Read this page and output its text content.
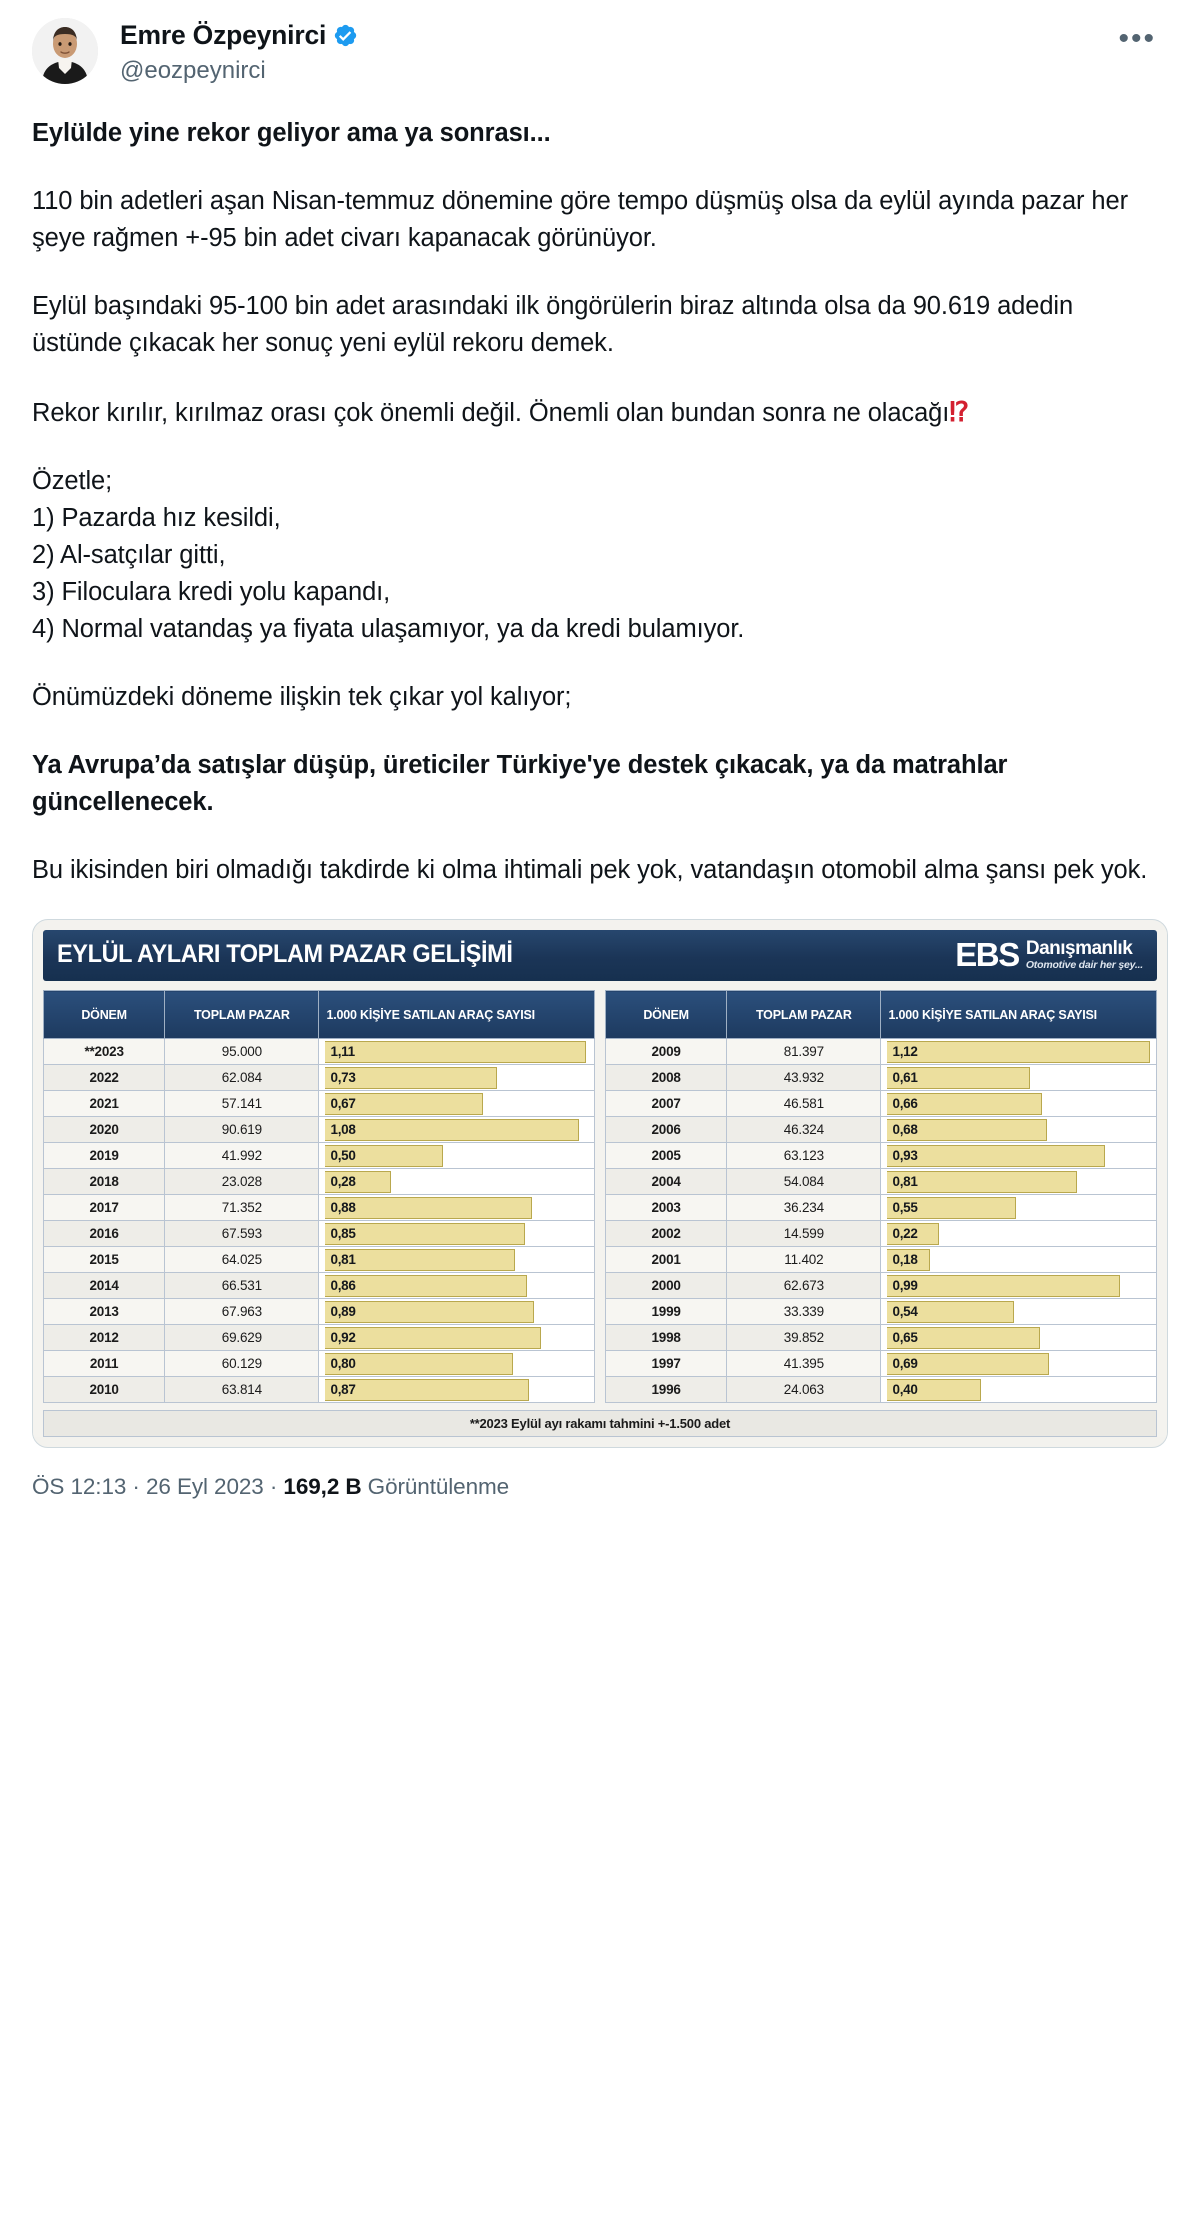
Emre Özpeynirci
@eozpeynirci
•••

Eylülde yine rekor geliyor ama ya sonrası...

110 bin adetleri aşan Nisan-temmuz dönemine göre tempo düşmüş olsa da eylül ayında pazar her şeye rağmen +-95 bin adet civarı kapanacak görünüyor.

Eylül başındaki 95-100 bin adet arasındaki ilk öngörülerin biraz altında olsa da 90.619 adedin üstünde çıkacak her sonuç yeni eylül rekoru demek.

Rekor kırılır, kırılmaz orası çok önemli değil. Önemli olan bundan sonra ne olacağı⁉

Özetle;
1) Pazarda hız kesildi,
2) Al-satçılar gitti,
3) Filoculara kredi yolu kapandı,
4) Normal vatandaş ya fiyata ulaşamıyor, ya da kredi bulamıyor.

Önümüzdeki döneme ilişkin tek çıkar yol kalıyor;

Ya Avrupa’da satışlar düşüp, üreticiler Türkiye'ye destek çıkacak, ya da matrahlar güncellenecek.

Bu ikisinden biri olmadığı takdirde ki olma ihtimali pek yok, vatandaşın otomobil alma şansı pek yok.

EYLÜL AYLARI TOPLAM PAZAR GELİŞİMİ	EBS Danışmanlık
Otomotive dair her şey...
DÖNEM	TOPLAM PAZAR	1.000 KİŞİYE SATILAN ARAÇ SAYISI
**2023	95.000	1,11

2022	62.084	0,73

2021	57.141	0,67

2020	90.619	1,08

2019	41.992	0,50

2018	23.028	0,28

2017	71.352	0,88

2016	67.593	0,85

2015	64.025	0,81

2014	66.531	0,86

2013	67.963	0,89

2012	69.629	0,92

2011	60.129	0,80

2010	63.814	0,87
DÖNEM	TOPLAM PAZAR	1.000 KİŞİYE SATILAN ARAÇ SAYISI
2009	81.397	1,12

2008	43.932	0,61

2007	46.581	0,66

2006	46.324	0,68

2005	63.123	0,93

2004	54.084	0,81

2003	36.234	0,55

2002	14.599	0,22

2001	11.402	0,18

2000	62.673	0,99

1999	33.339	0,54

1998	39.852	0,65

1997	41.395	0,69

1996	24.063	0,40
**2023 Eylül ayı rakamı tahmini +-1.500 adet
ÖS 12:13 · 26 Eyl 2023 · 169,2 B Görüntülenme
